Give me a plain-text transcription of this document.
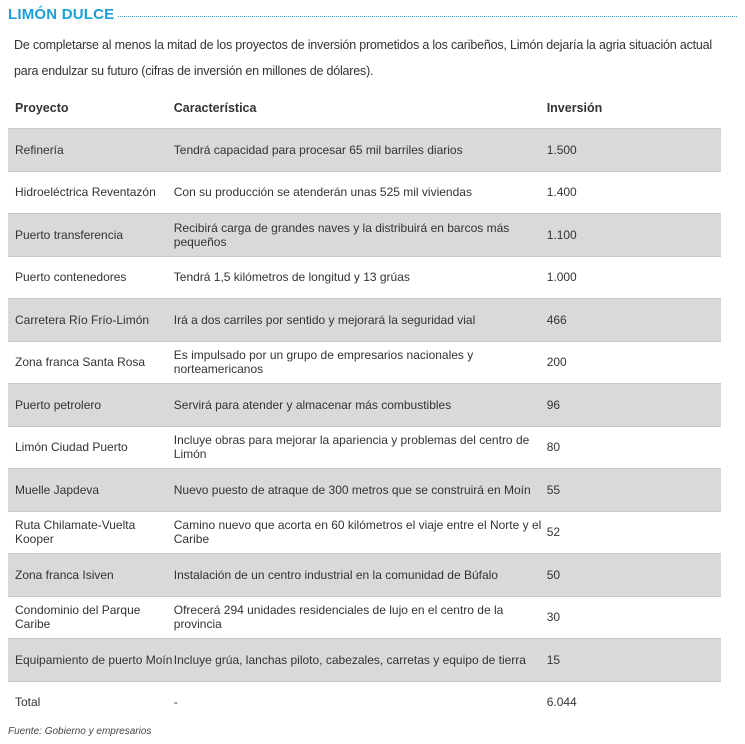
LIMÓN DULCE
De completarse al menos la mitad de los proyectos de inversión prometidos a los caribeños, Limón dejaría la agria situación actual para endulzar su futuro (cifras de inversión en millones de dólares).
Proyecto	Característica	Inversión
Refinería	Tendrá capacidad para procesar 65 mil barriles diarios	1.500
Hidroeléctrica Reventazón	Con su producción se atenderán unas 525 mil viviendas	1.400
Puerto transferencia	Recibirá carga de grandes naves y la distribuirá en barcos más pequeños	1.100
Puerto contenedores	Tendrá 1,5 kilómetros de longitud y 13 grúas	1.000
Carretera Río Frío-Limón	Irá a dos carriles por sentido y mejorará la seguridad vial	466
Zona franca Santa Rosa	Es impulsado por un grupo de empresarios nacionales y norteamericanos	200
Puerto petrolero	Servirá para atender y almacenar más combustibles	96
Limón Ciudad Puerto	Incluye obras para mejorar la apariencia y problemas del centro de Limón	80
Muelle Japdeva	Nuevo puesto de atraque de 300 metros que se construirá en Moín	55
Ruta Chilamate-Vuelta Kooper	Camino nuevo que acorta en 60 kilómetros el viaje entre el Norte y el Caribe	52
Zona franca Isiven	Instalación de un centro industrial en la comunidad de Búfalo	50
Condominio del Parque Caribe	Ofrecerá 294 unidades residenciales de lujo en el centro de la provincia	30
Equipamiento de puerto Moín	Incluye grúa, lanchas piloto, cabezales, carretas y equipo de tierra	15
Total	-	6.044
Fuente: Gobierno y empresarios
